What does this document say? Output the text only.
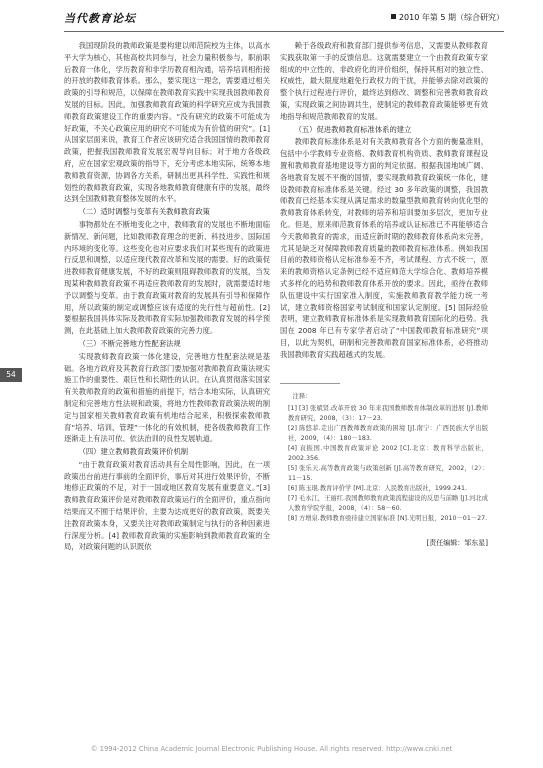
当代教育论坛	2010 年第 5 期（综合研究）
54

我国现阶段的教师政策是要构建以师范院校为主体，以高水平大学为核心，其他高校共同参与，社会力量积极参与，职前职后教育一体化，学历教育和非学历教育相沟通，培养培训相衔接的开放的教师教育体系。那么，要实现这一理念，需要通过相关政策的引导和规范，以保障在教师教育实践中实现我国教师教育发展的目标。因此，加强教师教育政策的科学研究应成为我国教师教育政策建设工作的重要内容。“没有研究的政策不可能成为好政策，不关心政策应用的研究不可能成为有价值的研究”。[1] 从国家层面来说，教育工作者应该研究适合我国国情的教师教育政策，把握我国教师教育发展宏观导向目标；对于地方各级政府，应在国家宏观政策的指导下，充分考虑本地实际，统筹本地教师教育资源，协调各方关系，研制出更具科学性、实践性和规划性的教师教育政策，实现各地教师教育健康有序的发展，最终达到全国教师教育整体发展的水平。

（二）适时调整与变革有关教师教育政策

事物都处在不断地变化之中，教师教育的发展也不断地面临新情况、新问题，比如教师教育理念的更新、科技进步、国际国内环境的变化等。这些变化也对应要求我们对某些现有的政策进行反思和调整，以适应现代教育改革和发展的需要。好的政策促进教师教育健康发展，不好的政策则阻碍教师教育的发展，当发现某种教师教育政策不再适应教师教育的发展时，就需要适时地予以调整与变革。由于教育政策对教育的发展具有引导和保障作用，所以政策的制定或调整应该有适度的先行性与超前性。[2] 要根据我国具体实际及教师教育实际加强教师教育发展的科学预测，在此基础上加大教师教育政策的完善力度。

（三）不断完善地方性配套法规

实现教师教育政策一体化建设，完善地方性配套法规是基础。各地方政府及其教育行政部门要加强对教师教育政策法规实施工作的重要性、艰巨性和长期性的认识。在认真贯彻落实国家有关教师教育的政策和措施的前提下，结合本地实际，认真研究制定和完善地方性法规和政策，将地方性教师教育政策法规的制定与国家相关教师教育政策有机地结合起来，积极探索教师教育“培养、培训、管理”一体化的有效机制，使各级教师教育工作逐渐走上有法可依、依法治训的良性发展轨道。

（四）建立教师教育政策评价机制

“由于教育政策对教育活动具有全局性影响，因此，在一项政策出台前进行事前的全面评价，事后对其进行效果评价，不断地修正政策的不足，对于一国或地区教育发展有重要意义。”[3] 教师教育政策评价是对教师教育政策运行的全面评价，重点指向结果而又不囿于结果评价，主要为达成更好的教育政策，既要关注教育政策本身，又要关注对教师政策制定与执行的各种因素进行深度分析。[4] 教师教育政策的实施影响到教师教育政策的全局，对政策问题的认识既依

赖于各级政府和教育部门提供参考信息，又需要从教师教育实践获取第一手的反馈信息。这就需要建立一个由教育政策专家组成的中立性的、非政府化的评价组织，保持其相对的独立性、权威性，最大限度地避免行政权力的干扰，并能够去除对政策的整个执行过程进行评价，最终达到修改、调整和完善教师教育政策，实现政策之间协调共生，使制定的教师教育政策能够更有效地指导和规范教师教育的发展。

（五）促进教师教育标准体系的建立

教师教育标准体系是对有关教师教育各个方面的衡量准则，包括中小学教师专业资格、教师教育机构资质、教师教育课程设置和教师教育基地建设等方面的判定依据。根据我国地域广阔、各地教育发展不平衡的国情，要实现教师教育政策统一体化，建设教师教育标准体系是关键。经过 30 多年政策的调整，我国教师教育已经基本实现从满足需求的数量型教师教育转向优化型的教师教育体系转变，对教师的培养和培训要加多层次，更加专业化。但是，原来师范教育体系的培养或认证标准已不再能够适合今天教师教育的需求，而适应新时期的教师教育体系尚未完善，尤其是缺乏对保障教师教育质量的教师教育标准体系。例如我国目前的教师资格认定标准参差不齐，考试课程、方式不统一，原来的教师资格认定条例已经不适应师范大学综合化、教师培养模式多样化的趋势和教师教育体系开放的要求。因此，亟待在教师队伍建设中实行国家准入制度，实施教师教育教学能力统一考试，建立教师资格国家考试制度和国家认定制度。[5] 国际经验表明，建立教师教育标准体系是实现教师教育国际化的趋势。我国在 2008 年已有专家学者启动了“中国教师教育标准研究”项目，以此为契机，研制和完善教师教育国家标准体系，必将推动我国教师教育实践超越式的发展。

注释：
[1] [3] 张斌贤.改革开放 30 年来我国教师教育体制改革的进展 [J].教师教育研究，2008，（3）：17－23.
[2] 陈悠菲.走出广西教师教育政策的困境 [J].南宁：广西民族大学出版社，2009，（4）：180－183.
[4] 袁振国.中国教育政策评论 2002 [C].北京：教育科学出版社，2002.356.
[5] 张乐天.高等教育政策与政策创新 [J].高等教育研究，2002，（2）：11－15.
[6] 陈玉琨.教育评价学 [M].北京：人民教育出版社，1999.241.
[7] 毛永江，王丽红.我国教师教育政策流程建设的反思与前瞻 [J].河北成人教育学院学报，2008，（4）：58－60.
[8] 方增泉.教师教育亟待建立国家标准 [N].光明日报，2010－01－27.
[责任编辑：邹东星]
© 1994-2012 China Academic Journal Electronic Publishing House. All rights reserved. http://www.cnki.net
